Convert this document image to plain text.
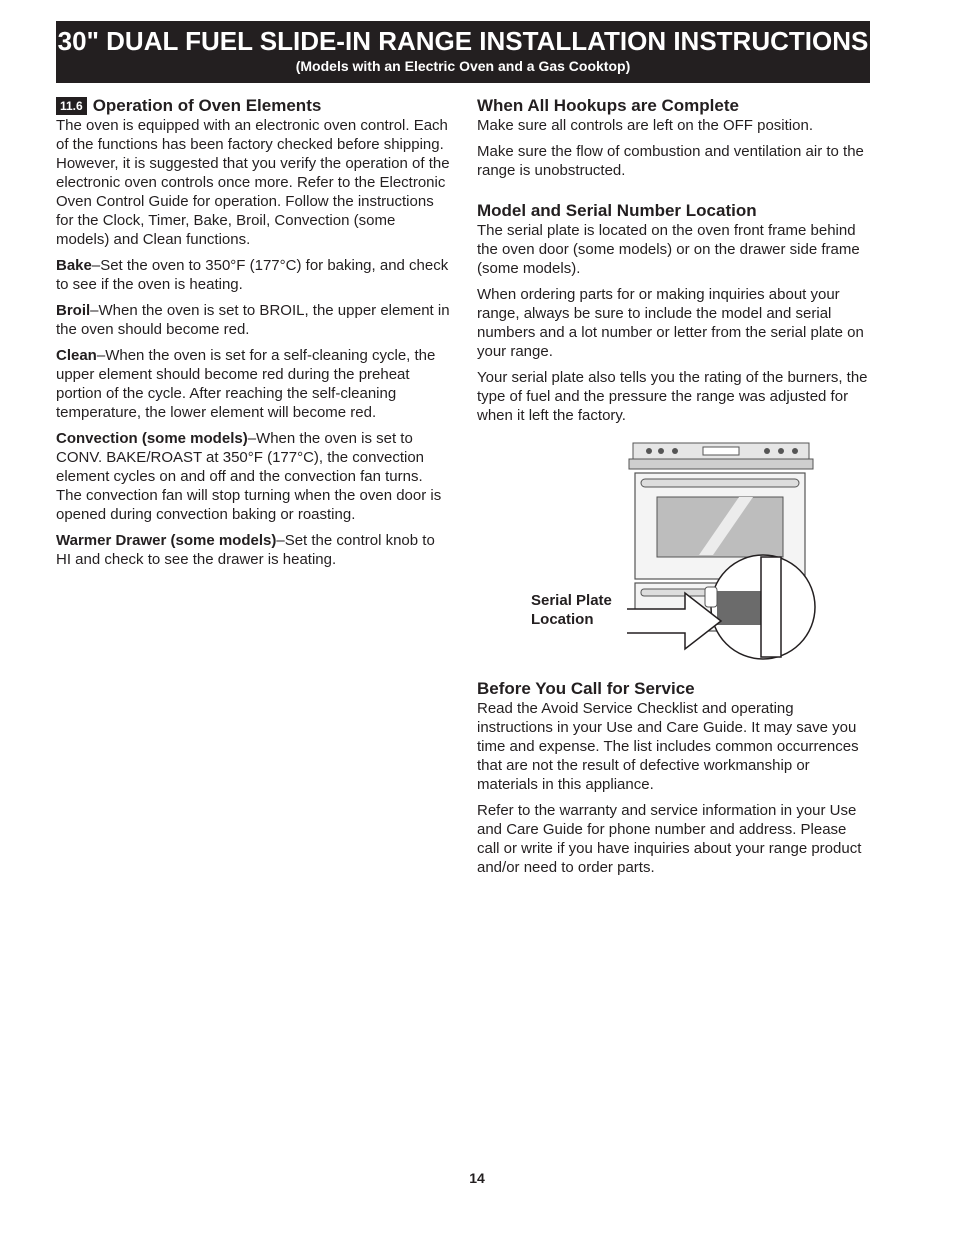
30" DUAL FUEL SLIDE-IN RANGE INSTALLATION INSTRUCTIONS
(Models with an Electric Oven and a Gas Cooktop)
11.6 Operation of Oven Elements

The oven is equipped with an electronic oven control. Each of the functions has been factory checked before shipping. However, it is suggested that you verify the operation of the electronic oven controls once more. Refer to the Electronic Oven Control Guide for operation. Follow the instructions for the Clock, Timer, Bake, Broil, Convection (some models) and Clean functions.

Bake–Set the oven to 350°F (177°C) for baking, and check to see if the oven is heating.

Broil–When the oven is set to BROIL, the upper element in the oven should become red.

Clean–When the oven is set for a self-cleaning cycle, the upper element should become red during the preheat portion of the cycle. After reaching the self-cleaning temperature, the lower element will become red.

Convection (some models)–When the oven is set to CONV. BAKE/ROAST at 350°F (177°C), the convection element cycles on and off and the convection fan turns. The convection fan will stop turning when the oven door is opened during convection baking or roasting.

Warmer Drawer (some models)–Set the control knob to HI and check to see the drawer is heating.

When All Hookups are Complete

Make sure all controls are left on the OFF position.

Make sure the flow of combustion and ventilation air to the range is unobstructed.

Model and Serial Number Location

The serial plate is located on the oven front frame behind the oven door (some models) or on the drawer side frame (some models).

When ordering parts for or making inquiries about your range, always be sure to include the model and serial numbers and a lot number or letter from the serial plate on your range.

Your serial plate also tells you the rating of the burners, the type of fuel and the pressure the range was adjusted for when it left the factory.

Serial Plate
Location
Before You Call for Service

Read the Avoid Service Checklist and operating instructions in your Use and Care Guide. It may save you time and expense. The list includes common occurrences that are not the result of defective workmanship or materials in this appliance.

Refer to the warranty and service information in your Use and Care Guide for phone number and address. Please call or write if you have inquiries about your range product and/or need to order parts.

14
